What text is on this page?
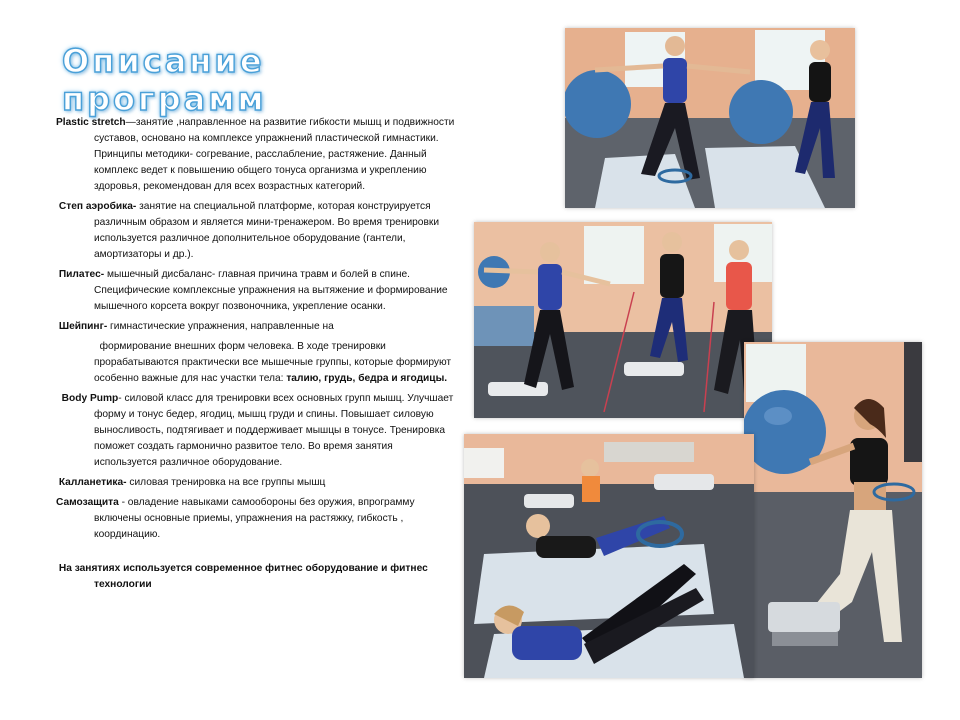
Описание программ

Plastic stretch—занятие ,направленное на развитие гибкости мышц и подвижности суставов, основано на комплексе упражнений пластической гимнастики. Принципы методики- согревание, расслабление, растяжение. Данный комплекс ведет к повышению общего тонуса организма и укреплению здоровья, рекомендован для всех возрастных категорий.

Степ аэробика- занятие на специальной платформе, которая конструируется различным образом и является мини-тренажером. Во время тренировки используется различное дополнительное оборудование (гантели, амортизаторы и др.).

Пилатес- мышечный дисбаланс- главная причина травм и болей в спине. Специфические комплексные упражнения на вытяжение и формирование мышечного корсета вокруг позвоночника, укрепление осанки.

Шейпинг- гимнастические упражнения, направленные на

формирование внешних форм человека. В ходе тренировки прорабатываются практически все мышечные группы, которые формируют особенно важные для нас участки тела: талию, грудь, бедра и ягодицы.

Body Pump- силовой класс для тренировки всех основных групп мышц. Улучшает форму и тонус бедер, ягодиц, мышц груди и спины. Повышает силовую выносливость, подтягивает и поддерживает мышцы в тонусе. Тренировка поможет создать гармонично развитое тело. Во время занятия используется различное оборудование.

Калланетика- силовая тренировка на все группы мышц

Самозащита - овладение навыками самообороны без оружия, впрограмму включены основные приемы, упражнения на растяжку, гибкость , координацию.

На занятиях используется современное фитнес оборудование и фитнес технологии
